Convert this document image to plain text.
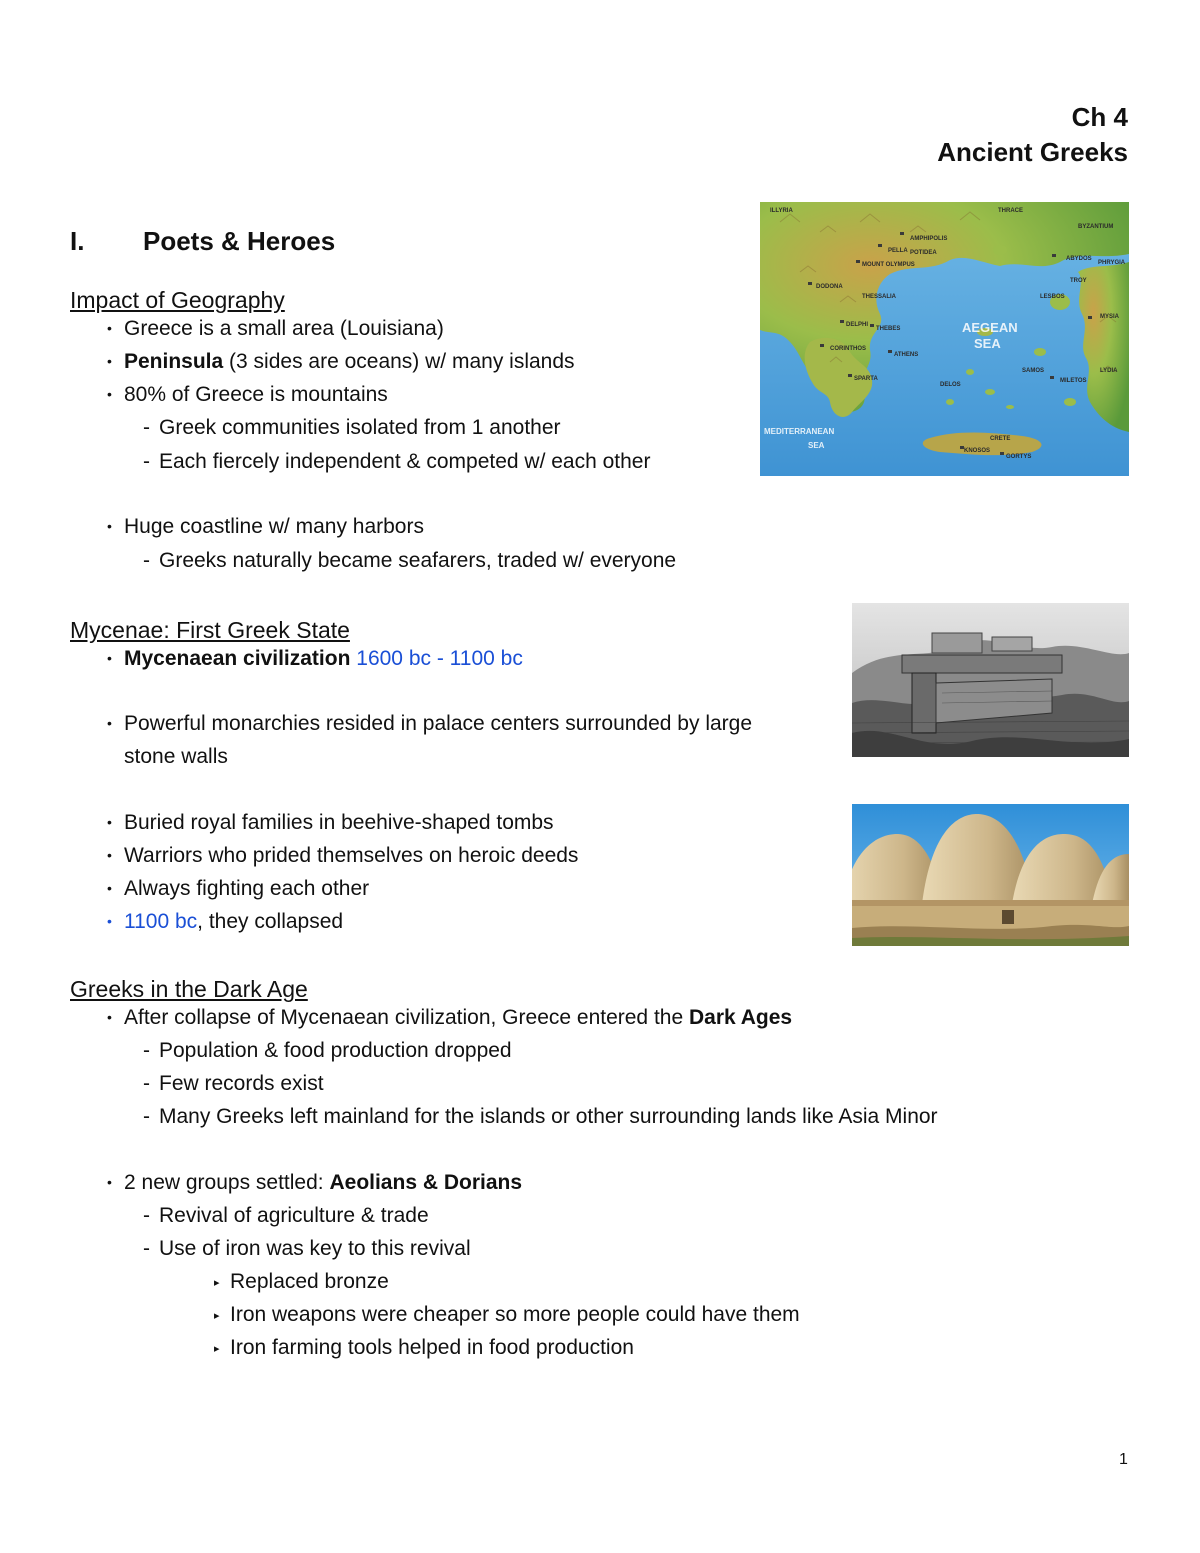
Ch 4
Ancient Greeks
I. Poets & Heroes
Impact of Geography
• Greece is a small area (Louisiana)
• Peninsula (3 sides are oceans) w/ many islands
• 80% of Greece is mountains
- Greek communities isolated from 1 another
- Each fiercely independent & competed w/ each other
• Huge coastline w/ many harbors
- Greeks naturally became seafarers, traded w/ everyone
ILLYRIA	THRACE
BYZANTIUM
AMPHIPOLIS
PELLA POTIDEA
MOUNT OLYMPUS
ABYDOS
PHRYGIA
DODONA
THESSALIA
TROY
LESBOS
MYSIA
DELPHI
THEBES
CORINTHOS
ATHENS
LYDIA
SPARTA
DELOS
SAMOS
MILETOS
CRETE
KNOSOS
GORTYS
AEGEAN
SEA
MEDITERRANEAN
SEA
Mycenae: First Greek State
• Mycenaean civilization 1600 bc - 1100 bc
• Powerful monarchies resided in palace centers surrounded by large
stone walls
• Buried royal families in beehive-shaped tombs
• Warriors who prided themselves on heroic deeds
• Always fighting each other
• 1100 bc, they collapsed
Greeks in the Dark Age
• After collapse of Mycenaean civilization, Greece entered the Dark Ages
- Population & food production dropped
- Few records exist
- Many Greeks left mainland for the islands or other surrounding lands like Asia Minor
• 2 new groups settled: Aeolians & Dorians
- Revival of agriculture & trade
- Use of iron was key to this revival
▸ Replaced bronze
▸ Iron weapons were cheaper so more people could have them
▸ Iron farming tools helped in food production
1
